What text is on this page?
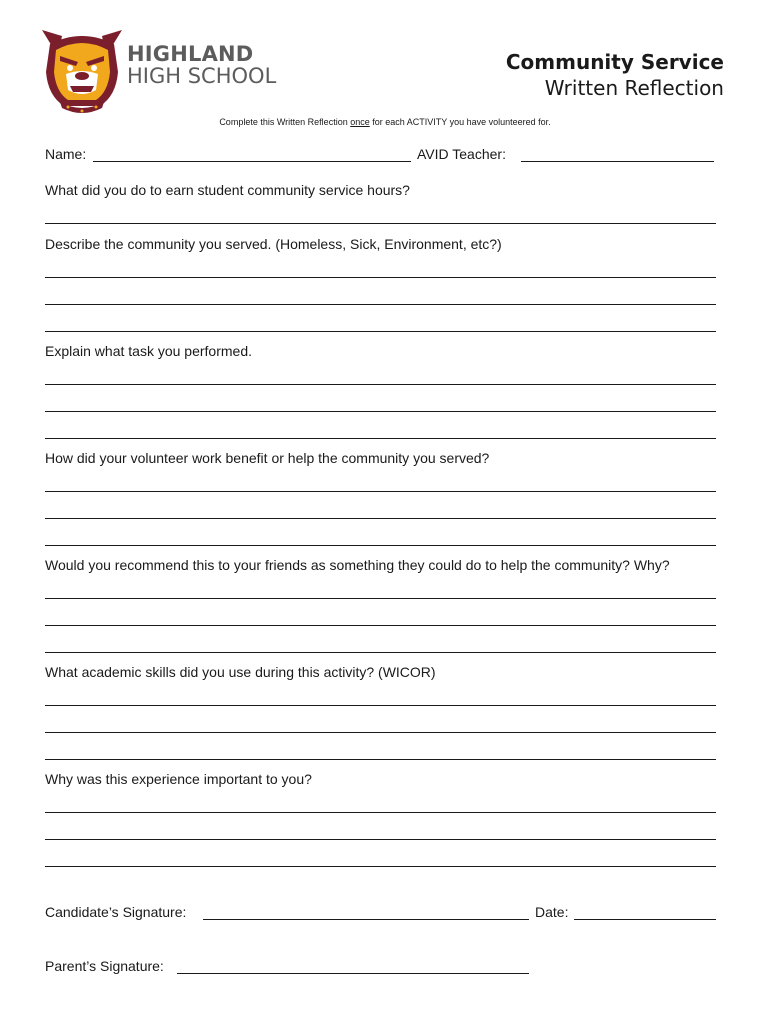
HIGHLAND
HIGH SCHOOL
Community Service
Written Reflection
Complete this Written Reflection once for each ACTIVITY you have volunteered for.
Name:	AVID Teacher:
What did you do to earn student community service hours?
Describe the community you served. (Homeless, Sick, Environment, etc?)
Explain what task you performed.
How did your volunteer work benefit or help the community you served?
Would you recommend this to your friends as something they could do to help the community? Why?
What academic skills did you use during this activity? (WICOR)
Why was this experience important to you?
Candidate’s Signature:	Date:
Parent’s Signature:
